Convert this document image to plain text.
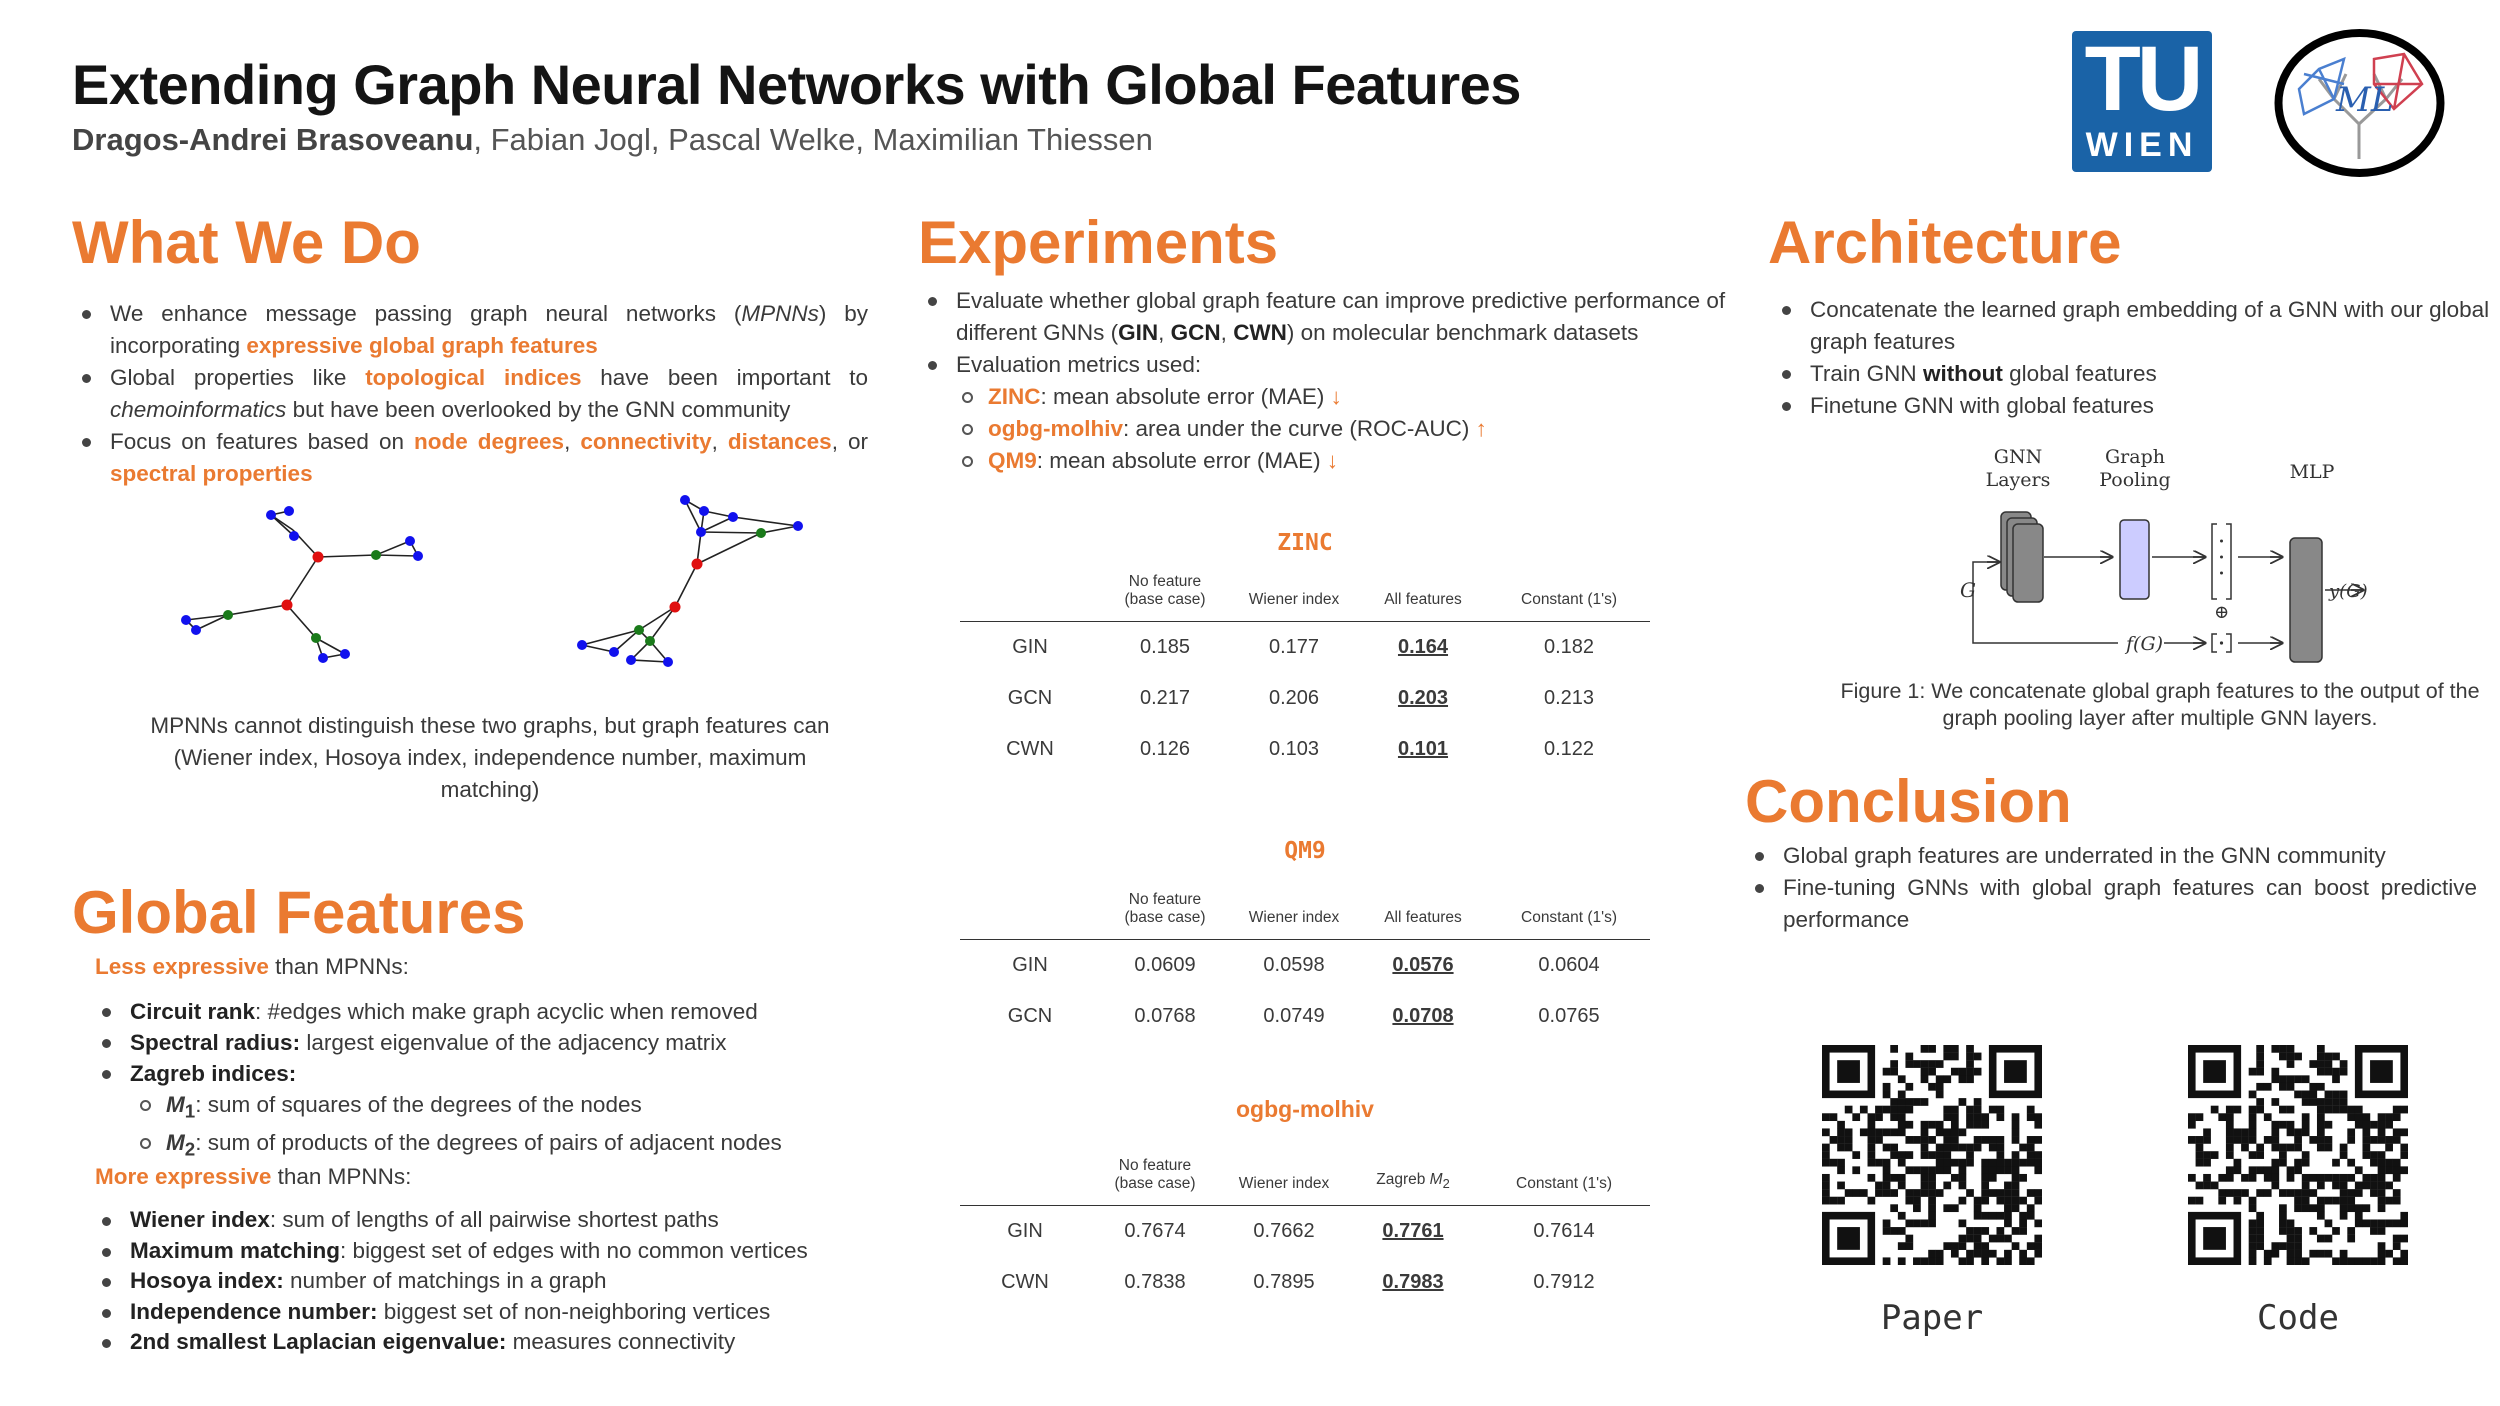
Extending Graph Neural Networks with Global Features
Dragos-Andrei Brasoveanu, Fabian Jogl, Pascal Welke, Maximilian Thiessen
TU
WIEN
ML
What We Do
We enhance message passing graph neural networks (MPNNs) by incorporating expressive global graph features
Global properties like topological indices have been important to chemoinformatics but have been overlooked by the GNN community
Focus on features based on node degrees, connectivity, distances, or spectral properties
MPNNs cannot distinguish these two graphs, but graph features can (Wiener index, Hosoya index, independence number, maximum matching)
Global Features
Less expressive than MPNNs:
Circuit rank: #edges which make graph acyclic when removed
Spectral radius: largest eigenvalue of the adjacency matrix
Zagreb indices:
$M_1$: sum of squares of the degrees of the nodes
$M_2$: sum of products of the degrees of pairs of adjacent nodes
More expressive than MPNNs:
Wiener index: sum of lengths of all pairwise shortest paths
Maximum matching: biggest set of edges with no common vertices
Hosoya index: number of matchings in a graph
Independence number: biggest set of non-neighboring vertices
2nd smallest Laplacian eigenvalue: measures connectivity
Experiments
Evaluate whether global graph feature can improve predictive performance of different GNNs (GIN, GCN, CWN) on molecular benchmark datasets
Evaluation metrics used:
ZINC: mean absolute error (MAE) ↓
ogbg-molhiv: area under the curve (ROC-AUC) ↑
QM9: mean absolute error (MAE) ↓
ZINC
	No feature
(base case)	Wiener index	All features	Constant (1's)
GIN	0.185	0.177	0.164	0.182
GCN	0.217	0.206	0.203	0.213
CWN	0.126	0.103	0.101	0.122
QM9
	No feature
(base case)	Wiener index	All features	Constant (1's)
GIN	0.0609	0.0598	0.0576	0.0604
GCN	0.0768	0.0749	0.0708	0.0765
ogbg-molhiv
	No feature
(base case)	Wiener index	Zagreb $M_2$	Constant (1's)
GIN	0.7674	0.7662	0.7761	0.7614
CWN	0.7838	0.7895	0.7983	0.7912
Architecture
Concatenate the learned graph embedding of a GNN with our global graph features
Train GNN without global features
Finetune GNN with global features
GNN
Layers
Graph
Pooling	MLP
⊕
G
f(G)
y(G)
Figure 1: We concatenate global graph features to the output of the graph pooling layer after multiple GNN layers.
Conclusion
Global graph features are underrated in the GNN community
Fine-tuning GNNs with global graph features can boost predictive performance
Paper	Code
